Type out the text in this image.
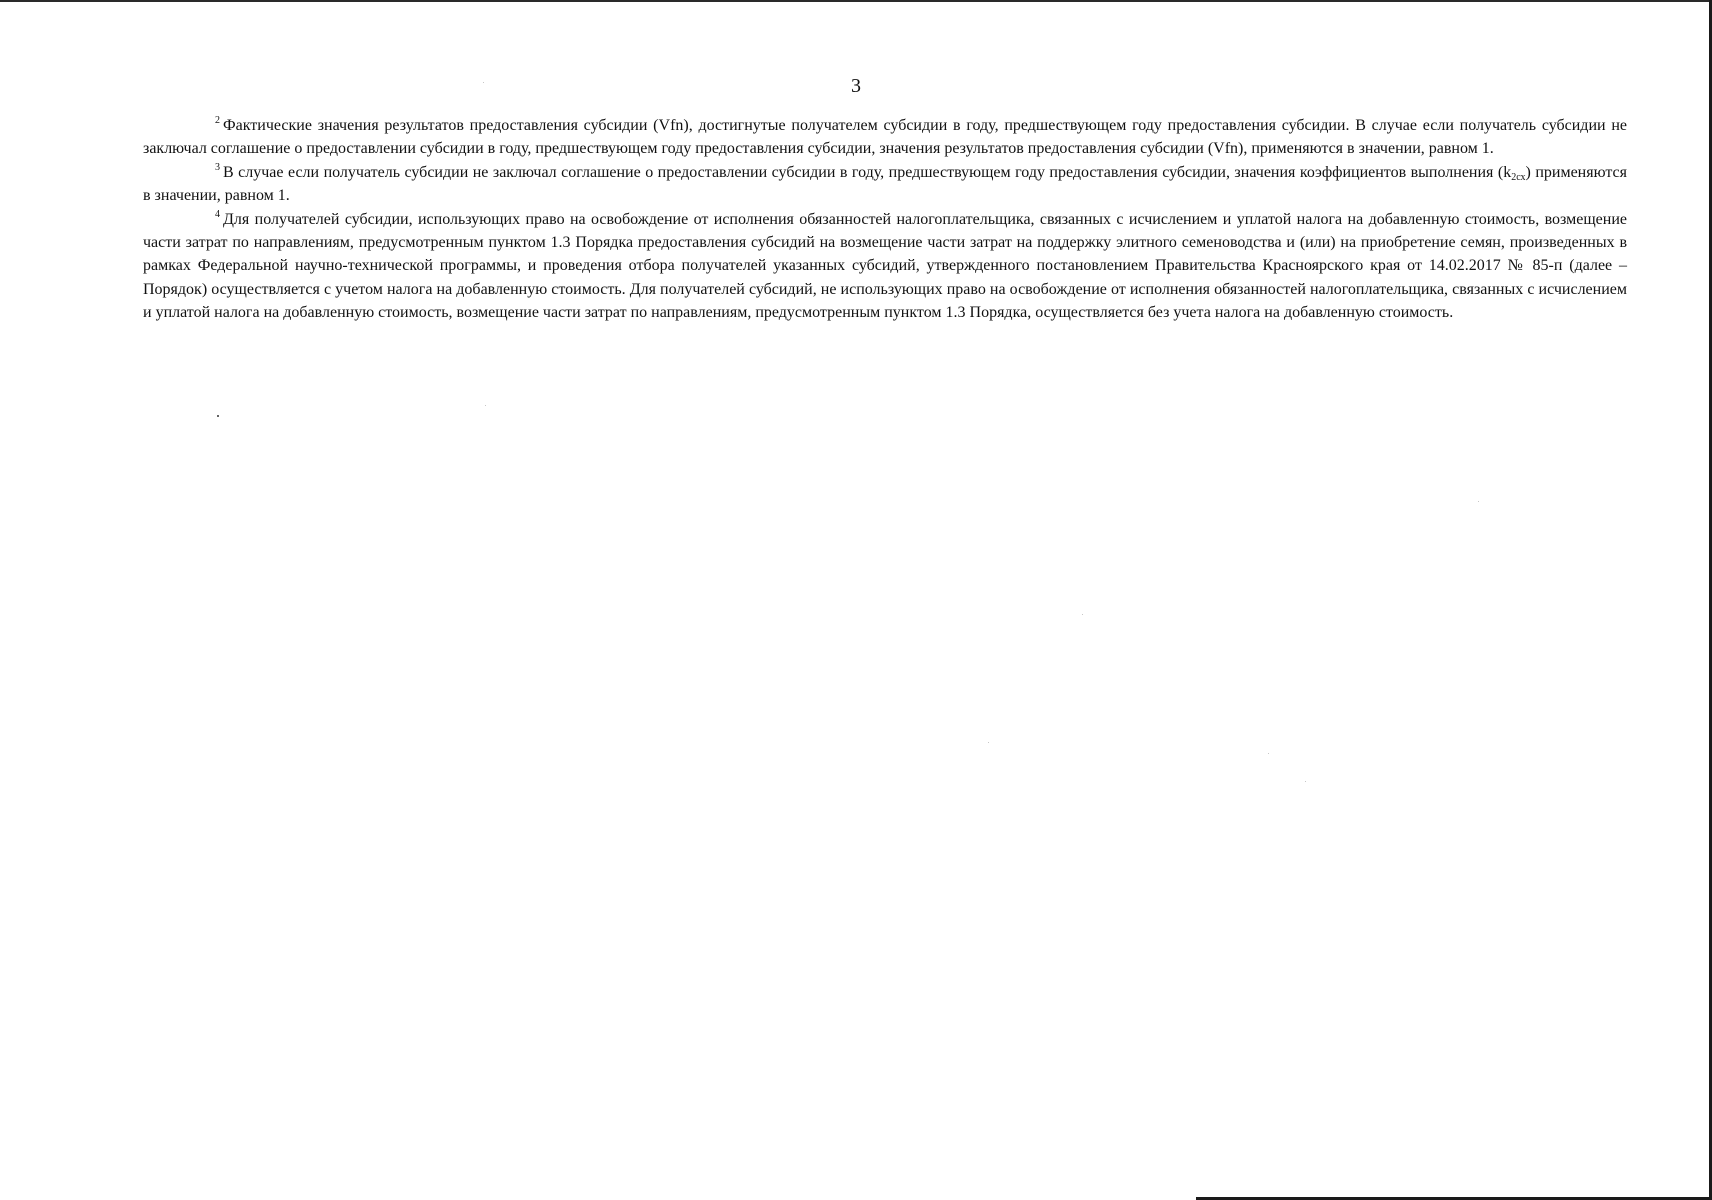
3

$^2$ Фактические значения результатов предоставления субсидии (Vfn), достигнутые получателем субсидии в году, предшествующем году предоставления субсидии. В случае если получатель субсидии не заключал соглашение о предоставлении субсидии в году, предшествующем году предоставления субсидии, значения результатов предоставления субсидии (Vfn), применяются в значении, равном 1.

$^3$ В случае если получатель субсидии не заключал соглашение о предоставлении субсидии в году, предшествующем году предоставления субсидии, значения коэффициентов выполнения $(k_{2сх})$ применяются в значении, равном 1.

$^4$ Для получателей субсидии, использующих право на освобождение от исполнения обязанностей налогоплательщика, связанных с исчислением и уплатой налога на добавленную стоимость, возмещение части затрат по направлениям, предусмотренным пунктом 1.3 Порядка предоставления субсидий на возмещение части затрат на поддержку элитного семеноводства и (или) на приобретение семян, произведенных в рамках Федеральной научно-технической программы, и проведения отбора получателей указанных субсидий, утвержденного постановлением Правительства Красноярского края от 14.02.2017 № 85-п (далее – Порядок) осуществляется с учетом налога на добавленную стоимость. Для получателей субсидий, не использующих право на освобождение от исполнения обязанностей налогоплательщика, связанных с исчислением и уплатой налога на добавленную стоимость, возмещение части затрат по направлениям, предусмотренным пунктом 1.3 Порядка, осуществляется без учета налога на добавленную стоимость.
